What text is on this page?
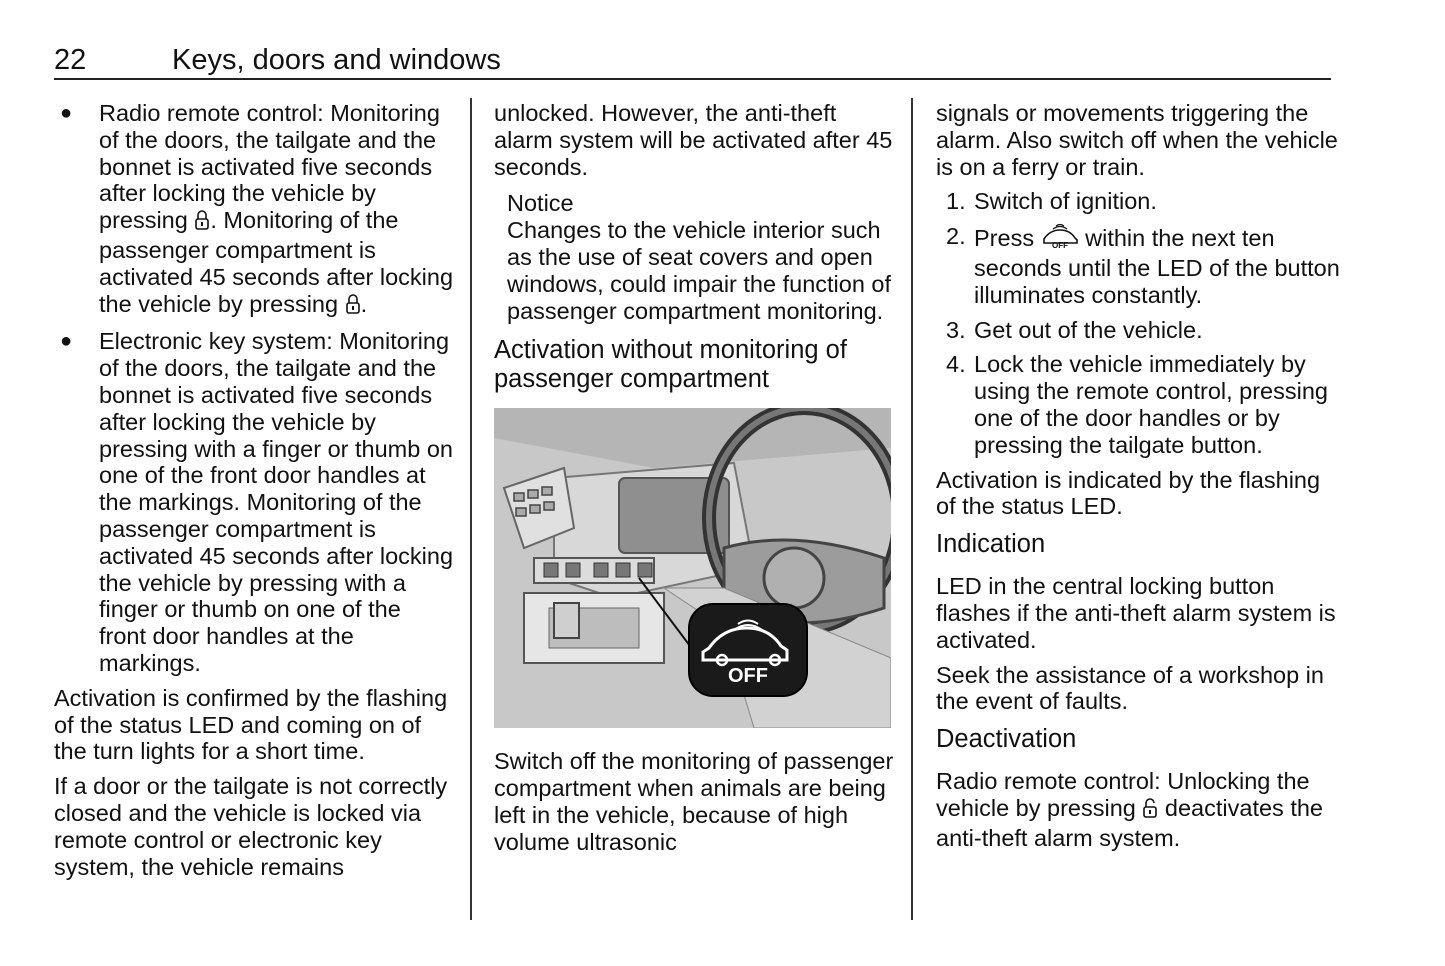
22	Keys, doors and windows
● Radio remote control: Monitoring of the doors, the tailgate and the bonnet is activated five seconds after locking the vehicle by pressing . Monitoring of the passenger compartment is activated 45 seconds after locking the vehicle by pressing .
● Electronic key system: Monitoring of the doors, the tailgate and the bonnet is activated five seconds after locking the vehicle by pressing with a finger or thumb on one of the front door handles at the markings. Monitoring of the passenger compartment is activated 45 seconds after locking the vehicle by pressing with a finger or thumb on one of the front door handles at the markings.

Activation is confirmed by the flashing of the status LED and coming on of the turn lights for a short time.

If a door or the tailgate is not correctly closed and the vehicle is locked via remote control or electronic key system, the vehicle remains

unlocked. However, the anti-theft alarm system will be activated after 45 seconds.

Notice
Changes to the vehicle interior such as the use of seat covers and open windows, could impair the function of passenger compartment monitoring.
Activation without monitoring of passenger compartment
OFF

Switch off the monitoring of passenger compartment when animals are being left in the vehicle, because of high volume ultrasonic

signals or movements triggering the alarm. Also switch off when the vehicle is on a ferry or train.

1. Switch of ignition.
2. Press OFF within the next ten seconds until the LED of the button illuminates constantly.
3. Get out of the vehicle.
4. Lock the vehicle immediately by using the remote control, pressing one of the door handles or by pressing the tailgate button.

Activation is indicated by the flashing of the status LED.

Indication

LED in the central locking button flashes if the anti-theft alarm system is activated.

Seek the assistance of a workshop in the event of faults.

Deactivation

Radio remote control: Unlocking the vehicle by pressing deactivates the anti-theft alarm system.
